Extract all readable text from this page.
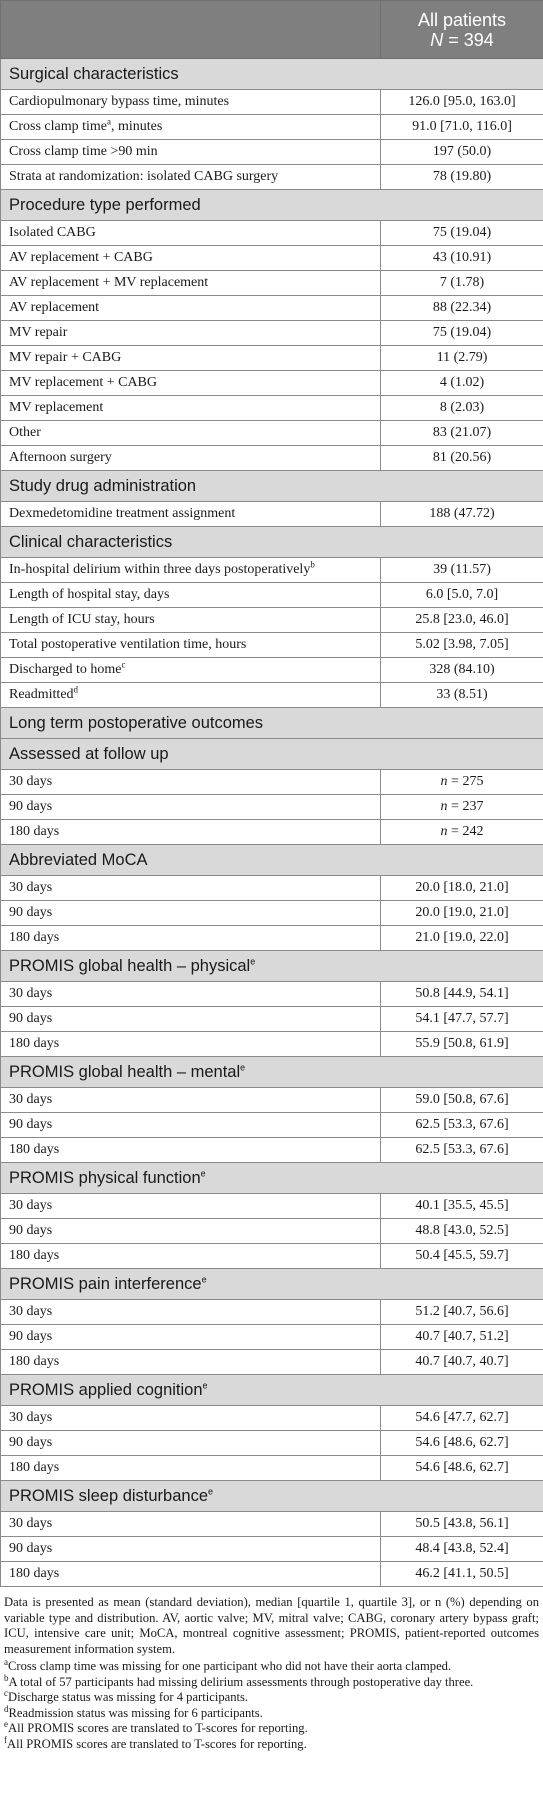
	All patients
N = 394
Surgical characteristics	
Cardiopulmonary bypass time, minutes	126.0 [95.0, 163.0]
Cross clamp time$^a$, minutes	91.0 [71.0, 116.0]
Cross clamp time >90 min	197 (50.0)
Strata at randomization: isolated CABG surgery	78 (19.80)
Procedure type performed	
Isolated CABG	75 (19.04)
AV replacement + CABG	43 (10.91)
AV replacement + MV replacement	7 (1.78)
AV replacement	88 (22.34)
MV repair	75 (19.04)
MV repair + CABG	11 (2.79)
MV replacement + CABG	4 (1.02)
MV replacement	8 (2.03)
Other	83 (21.07)
Afternoon surgery	81 (20.56)
Study drug administration	
Dexmedetomidine treatment assignment	188 (47.72)
Clinical characteristics	
In-hospital delirium within three days postoperatively$^b$	39 (11.57)
Length of hospital stay, days	6.0 [5.0, 7.0]
Length of ICU stay, hours	25.8 [23.0, 46.0]
Total postoperative ventilation time, hours	5.02 [3.98, 7.05]
Discharged to home$^c$	328 (84.10)
Readmitted$^d$	33 (8.51)
Long term postoperative outcomes	
Assessed at follow up	
30 days	n = 275
90 days	n = 237
180 days	n = 242
Abbreviated MoCA	
30 days	20.0 [18.0, 21.0]
90 days	20.0 [19.0, 21.0]
180 days	21.0 [19.0, 22.0]
PROMIS global health – physical$^e$
30 days	50.8 [44.9, 54.1]
90 days	54.1 [47.7, 57.7]
180 days	55.9 [50.8, 61.9]
PROMIS global health – mental$^e$
30 days	59.0 [50.8, 67.6]
90 days	62.5 [53.3, 67.6]
180 days	62.5 [53.3, 67.6]
PROMIS physical function$^e$
30 days	40.1 [35.5, 45.5]
90 days	48.8 [43.0, 52.5]
180 days	50.4 [45.5, 59.7]
PROMIS pain interference$^e$
30 days	51.2 [40.7, 56.6]
90 days	40.7 [40.7, 51.2]
180 days	40.7 [40.7, 40.7]
PROMIS applied cognition$^e$
30 days	54.6 [47.7, 62.7]
90 days	54.6 [48.6, 62.7]
180 days	54.6 [48.6, 62.7]
PROMIS sleep disturbance$^e$
30 days	50.5 [43.8, 56.1]
90 days	48.4 [43.8, 52.4]
180 days	46.2 [41.1, 50.5]

Data is presented as mean (standard deviation), median [quartile 1, quartile 3], or n (%) depending on variable type and distribution. AV, aortic valve; MV, mitral valve; CABG, coronary artery bypass graft; ICU, intensive care unit; MoCA, montreal cognitive assessment; PROMIS, patient-reported outcomes measurement information system.

$^a$Cross clamp time was missing for one participant who did not have their aorta clamped.

$^b$A total of 57 participants had missing delirium assessments through postoperative day three.

$^c$Discharge status was missing for 4 participants.

$^d$Readmission status was missing for 6 participants.

$^e$All PROMIS scores are translated to T-scores for reporting.

$^f$All PROMIS scores are translated to T-scores for reporting.
